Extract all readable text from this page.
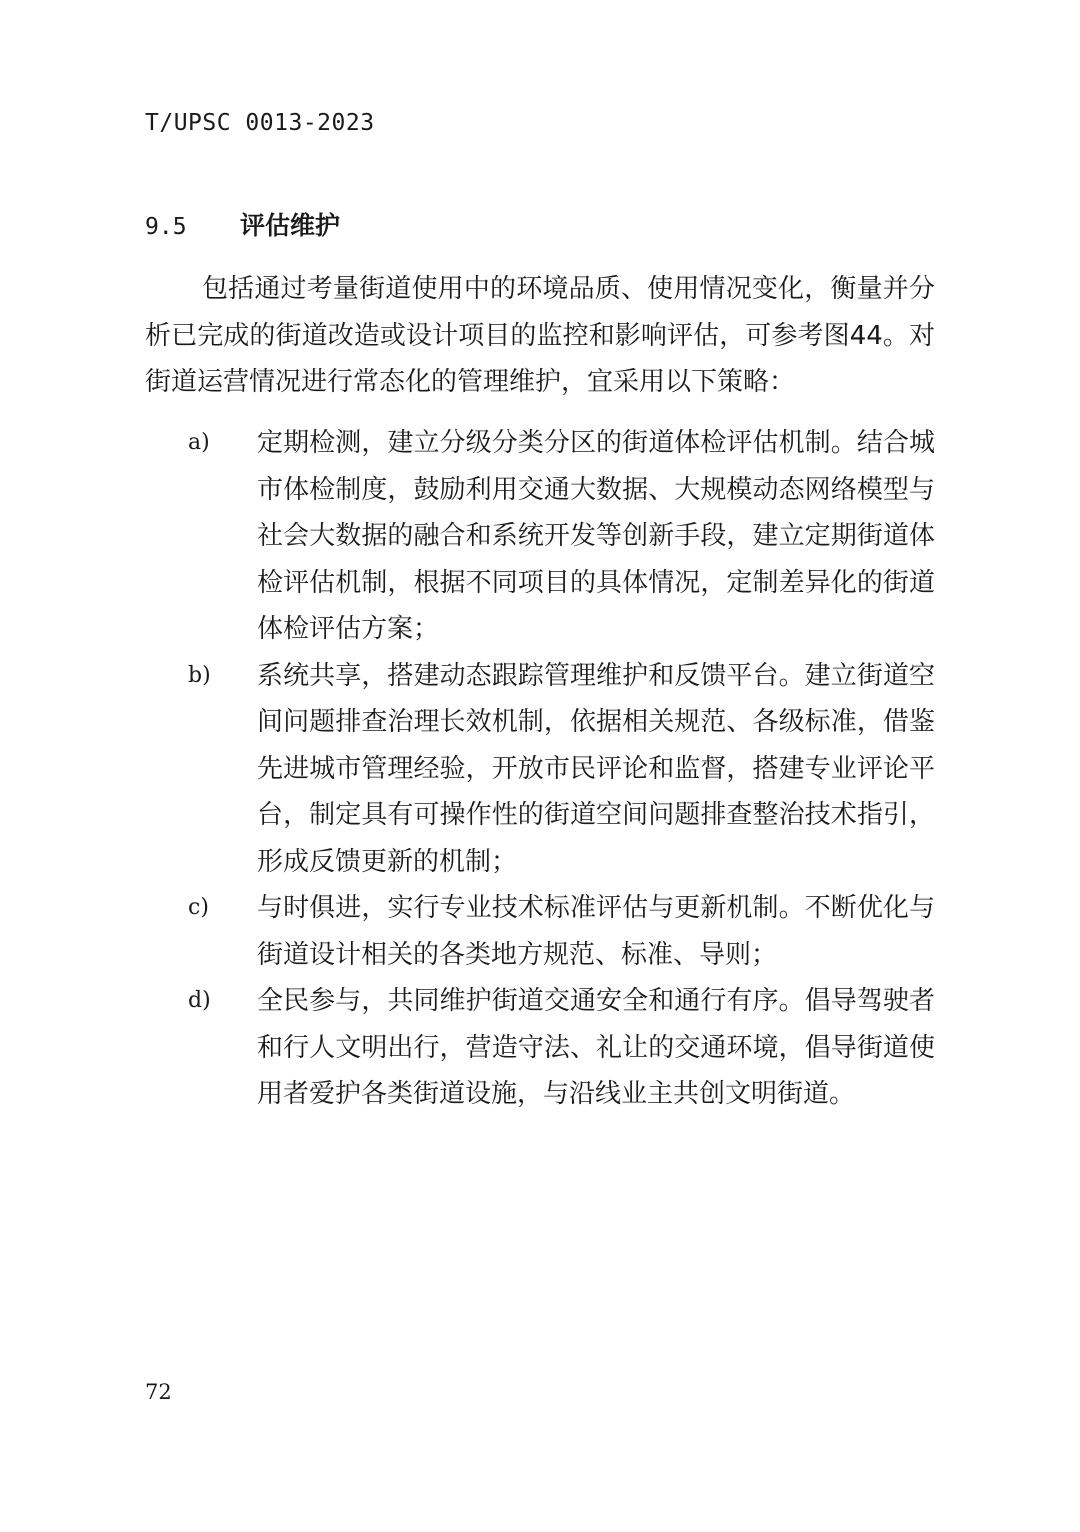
T/UPSC 0013-2023
9.5 评估维护

包括通过考量街道使用中的环境品质、使用情况变化，衡量并分析已完成的街道改造或设计项目的监控和影响评估，可参考图44。对街道运营情况进行常态化的管理维护，宜采用以下策略：

a)	定期检测，建立分级分类分区的街道体检评估机制。结合城市体检制度，鼓励利用交通大数据、大规模动态网络模型与社会大数据的融合和系统开发等创新手段，建立定期街道体检评估机制，根据不同项目的具体情况，定制差异化的街道体检评估方案；
b)	系统共享，搭建动态跟踪管理维护和反馈平台。建立街道空间问题排查治理长效机制，依据相关规范、各级标准，借鉴先进城市管理经验，开放市民评论和监督，搭建专业评论平台，制定具有可操作性的街道空间问题排查整治技术指引，形成反馈更新的机制；
c)	与时俱进，实行专业技术标准评估与更新机制。不断优化与街道设计相关的各类地方规范、标准、导则；
d)	全民参与，共同维护街道交通安全和通行有序。倡导驾驶者和行人文明出行，营造守法、礼让的交通环境，倡导街道使用者爱护各类街道设施，与沿线业主共创文明街道。
72
